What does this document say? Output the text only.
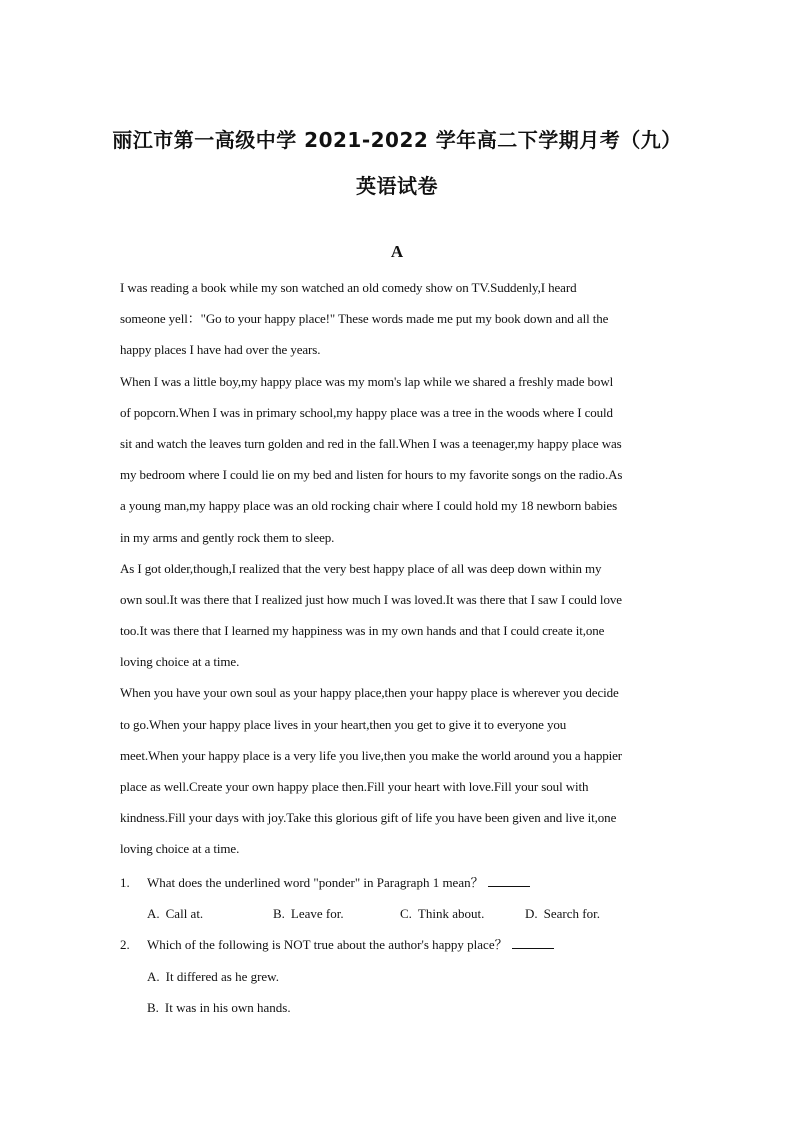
丽江市第一高级中学 2021-2022 学年高二下学期月考（九）
英语试卷
A
I was reading a book while my son watched an old comedy show on TV.Suddenly,I heard
someone yell："Go to your happy place!" These words made me put my book down and all the
happy places I have had over the years.
When I was a little boy,my happy place was my mom's lap while we shared a freshly made bowl
of popcorn.When I was in primary school,my happy place was a tree in the woods where I could
sit and watch the leaves turn golden and red in the fall.When I was a teenager,my happy place was
my bedroom where I could lie on my bed and listen for hours to my favorite songs on the radio.As
a young man,my happy place was an old rocking chair where I could hold my 18 newborn babies
in my arms and gently rock them to sleep.
As I got older,though,I realized that the very best happy place of all was deep down within my
own soul.It was there that I realized just how much I was loved.It was there that I saw I could love
too.It was there that I learned my happiness was in my own hands and that I could create it,one
loving choice at a time.
When you have your own soul as your happy place,then your happy place is wherever you decide
to go.When your happy place lives in your heart,then you get to give it to everyone you
meet.When your happy place is a very life you live,then you make the world around you a happier
place as well.Create your own happy place then.Fill your heart with love.Fill your soul with
kindness.Fill your days with joy.Take this glorious gift of life you have been given and live it,one
loving choice at a time.
1. What does the underlined word "ponder" in Paragraph 1 mean？
A. Call at.	B. Leave for.	C. Think about.	D. Search for.
2. Which of the following is NOT true about the author's happy place？
A. It differed as he grew.
B. It was in his own hands.
